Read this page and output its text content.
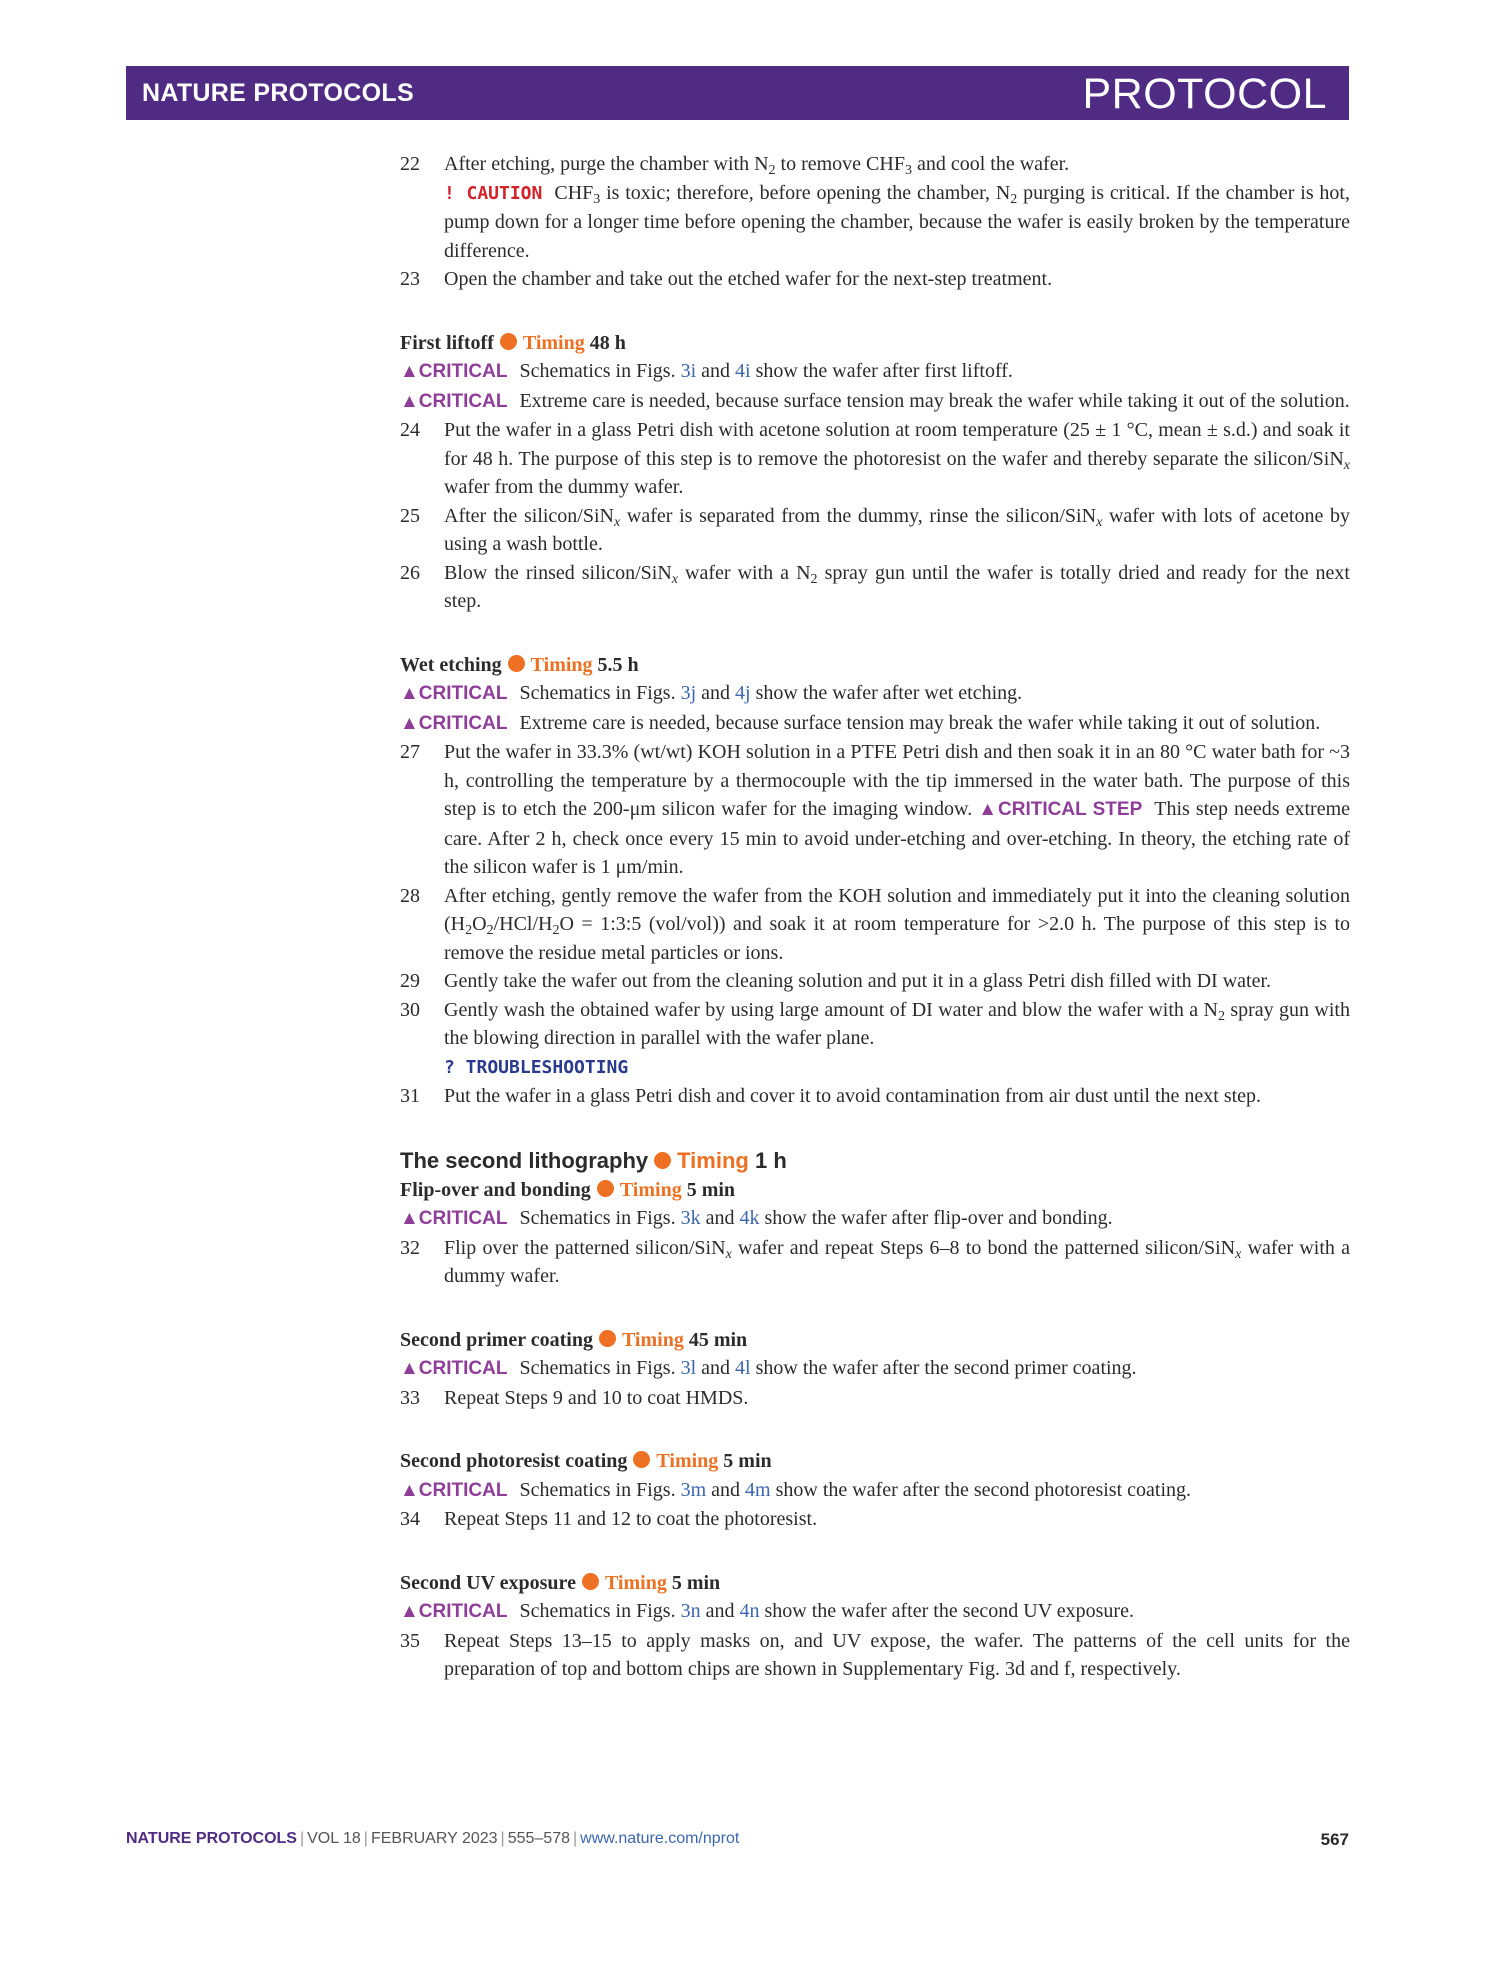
NATURE PROTOCOLS	PROTOCOL
22 After etching, purge the chamber with $N_2$ to remove $CHF_3$ and cool the wafer.
! CAUTION $CHF_3$ is toxic; therefore, before opening the chamber, $N_2$ purging is critical. If the chamber is hot, pump down for a longer time before opening the chamber, because the wafer is easily broken by the temperature difference.
23 Open the chamber and take out the etched wafer for the next-step treatment.

First liftoff Timing 48 h

▲CRITICAL Schematics in Figs. 3i and 4i show the wafer after first liftoff.

▲CRITICAL Extreme care is needed, because surface tension may break the wafer while taking it out of the solution.

24 Put the wafer in a glass Petri dish with acetone solution at room temperature (25 ± 1 °C, mean ± s.d.) and soak it for 48 h. The purpose of this step is to remove the photoresist on the wafer and thereby separate the silicon/SiN$_x$ wafer from the dummy wafer.
25 After the silicon/SiN$_x$ wafer is separated from the dummy, rinse the silicon/SiN$_x$ wafer with lots of acetone by using a wash bottle.
26 Blow the rinsed silicon/SiN$_x$ wafer with a $N_2$ spray gun until the wafer is totally dried and ready for the next step.

Wet etching Timing 5.5 h

▲CRITICAL Schematics in Figs. 3j and 4j show the wafer after wet etching.

▲CRITICAL Extreme care is needed, because surface tension may break the wafer while taking it out of solution.

27 Put the wafer in 33.3% (wt/wt) KOH solution in a PTFE Petri dish and then soak it in an 80 °C water bath for ~3 h, controlling the temperature by a thermocouple with the tip immersed in the water bath. The purpose of this step is to etch the 200-μm silicon wafer for the imaging window. ▲CRITICAL STEP This step needs extreme care. After 2 h, check once every 15 min to avoid under-etching and over-etching. In theory, the etching rate of the silicon wafer is 1 μm/min.
28 After etching, gently remove the wafer from the KOH solution and immediately put it into the cleaning solution ($H_2O_2/HCl/H_2O$ = 1:3:5 (vol/vol)) and soak it at room temperature for >2.0 h. The purpose of this step is to remove the residue metal particles or ions.
29 Gently take the wafer out from the cleaning solution and put it in a glass Petri dish filled with DI water.
30 Gently wash the obtained wafer by using large amount of DI water and blow the wafer with a $N_2$ spray gun with the blowing direction in parallel with the wafer plane.
? TROUBLESHOOTING
31 Put the wafer in a glass Petri dish and cover it to avoid contamination from air dust until the next step.

The second lithography Timing 1 h

Flip-over and bonding Timing 5 min

▲CRITICAL Schematics in Figs. 3k and 4k show the wafer after flip-over and bonding.

32 Flip over the patterned silicon/SiN$_x$ wafer and repeat Steps 6–8 to bond the patterned silicon/SiN$_x$ wafer with a dummy wafer.

Second primer coating Timing 45 min

▲CRITICAL Schematics in Figs. 3l and 4l show the wafer after the second primer coating.

33 Repeat Steps 9 and 10 to coat HMDS.

Second photoresist coating Timing 5 min

▲CRITICAL Schematics in Figs. 3m and 4m show the wafer after the second photoresist coating.

34 Repeat Steps 11 and 12 to coat the photoresist.

Second UV exposure Timing 5 min

▲CRITICAL Schematics in Figs. 3n and 4n show the wafer after the second UV exposure.

35 Repeat Steps 13–15 to apply masks on, and UV expose, the wafer. The patterns of the cell units for the preparation of top and bottom chips are shown in Supplementary Fig. 3d and f, respectively.
NATURE PROTOCOLS | VOL 18 | FEBRUARY 2023 | 555–578 | www.nature.com/nprot	567
